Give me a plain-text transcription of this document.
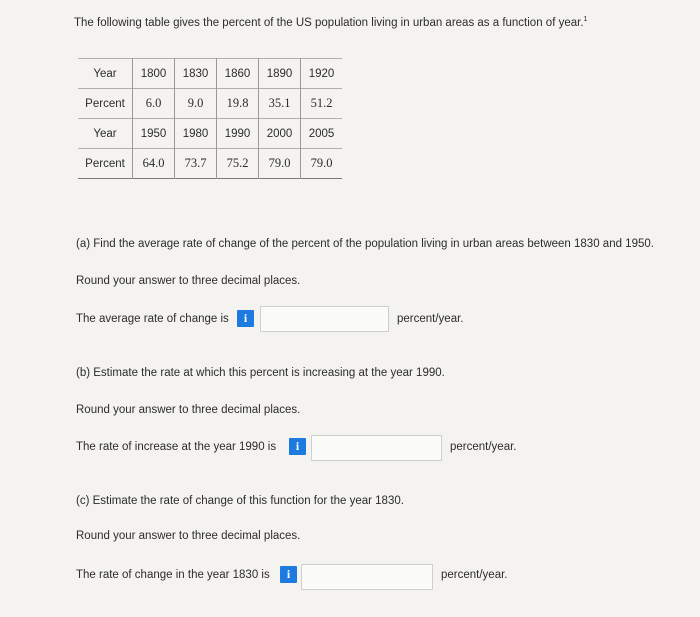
The following table gives the percent of the US population living in urban areas as a function of year.$^1$
Year	1800	1830	1860	1890	1920
Percent	6.0	9.0	19.8	35.1	51.2
Year	1950	1980	1990	2000	2005
Percent	64.0	73.7	75.2	79.0	79.0
(a) Find the average rate of change of the percent of the population living in urban areas between 1830 and 1950.
Round your answer to three decimal places.
The average rate of change is	i	percent/year.
(b) Estimate the rate at which this percent is increasing at the year 1990.
Round your answer to three decimal places.
The rate of increase at the year 1990 is	i	percent/year.
(c) Estimate the rate of change of this function for the year 1830.
Round your answer to three decimal places.
The rate of change in the year 1830 is	i	percent/year.
